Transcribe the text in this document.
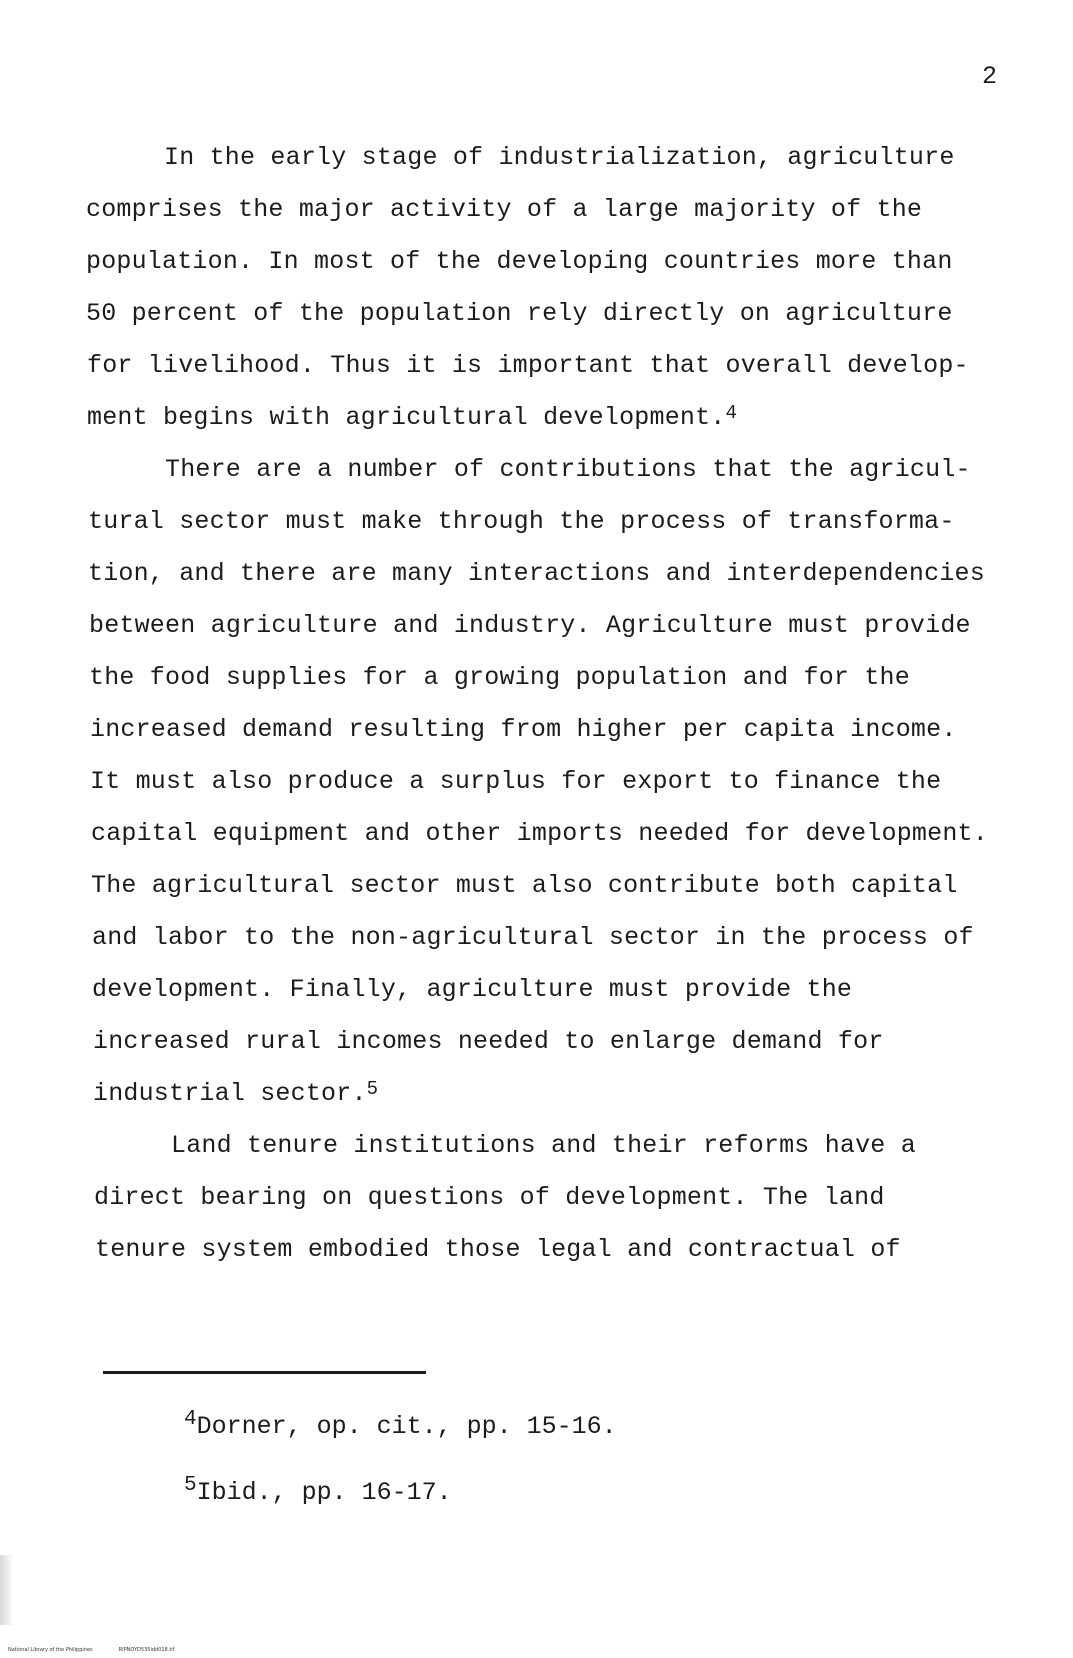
2
In the early stage of industrialization, agriculture
comprises the major activity of a large majority of the
population. In most of the developing countries more than
50 percent of the population rely directly on agriculture
for livelihood. Thus it is important that overall develop-
ment begins with agricultural development.$^4$
There are a number of contributions that the agricul-
tural sector must make through the process of transforma-
tion, and there are many interactions and interdependencies
between agriculture and industry. Agriculture must provide
the food supplies for a growing population and for the
increased demand resulting from higher per capita income.
It must also produce a surplus for export to finance the
capital equipment and other imports needed for development.
The agricultural sector must also contribute both capital
and labor to the non-agricultural sector in the process of
development. Finally, agriculture must provide the
increased rural incomes needed to enlarge demand for
industrial sector.$^5$
Land tenure institutions and their reforms have a
direct bearing on questions of development. The land
tenure system embodied those legal and contractual of
$^4$Dorner, op. cit., pp. 15-16.
$^5$Ibid., pp. 16-17.
National Library of the Philippines	RIPNOYD535idd018.tif
